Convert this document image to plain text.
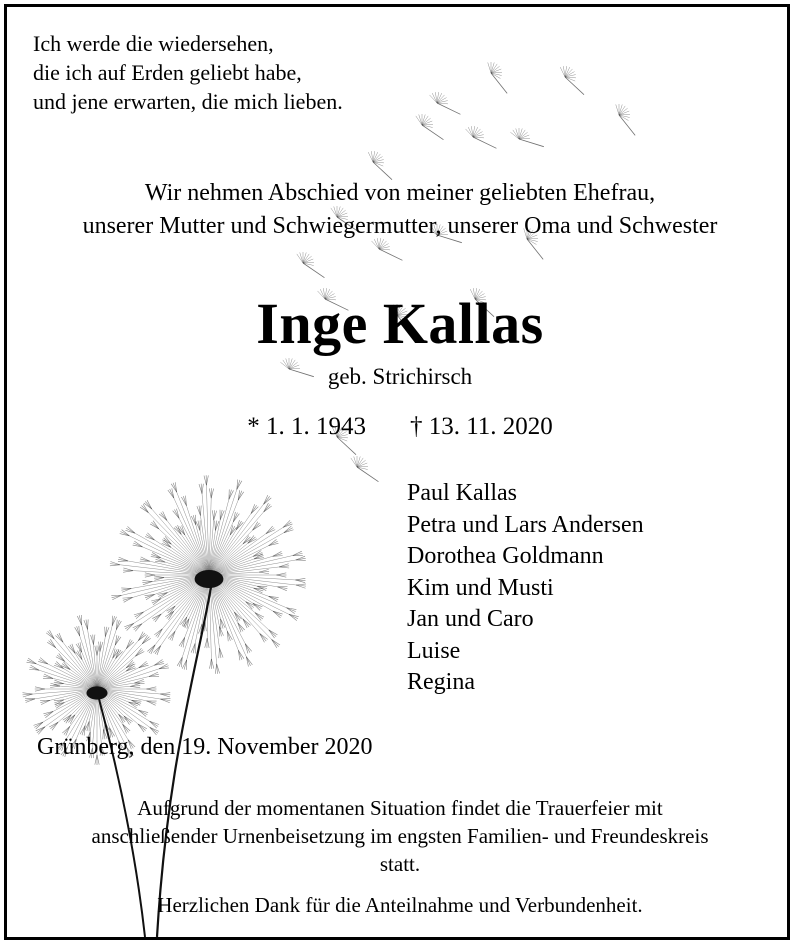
Ich werde die wiedersehen,
die ich auf Erden geliebt habe,
und jene erwarten, die mich lieben.
Wir nehmen Abschied von meiner geliebten Ehefrau,
unserer Mutter und Schwiegermutter, unserer Oma und Schwester
Inge Kallas
geb. Strichirsch
* 1. 1. 1943 † 13. 11. 2020
Paul Kallas
Petra und Lars Andersen
Dorothea Goldmann
Kim und Musti
Jan und Caro
Luise
Regina
Grünberg, den 19. November 2020
Aufgrund der momentanen Situation findet die Trauerfeier mit
anschließender Urnenbeisetzung im engsten Familien- und Freundeskreis
statt.
Herzlichen Dank für die Anteilnahme und Verbundenheit.
